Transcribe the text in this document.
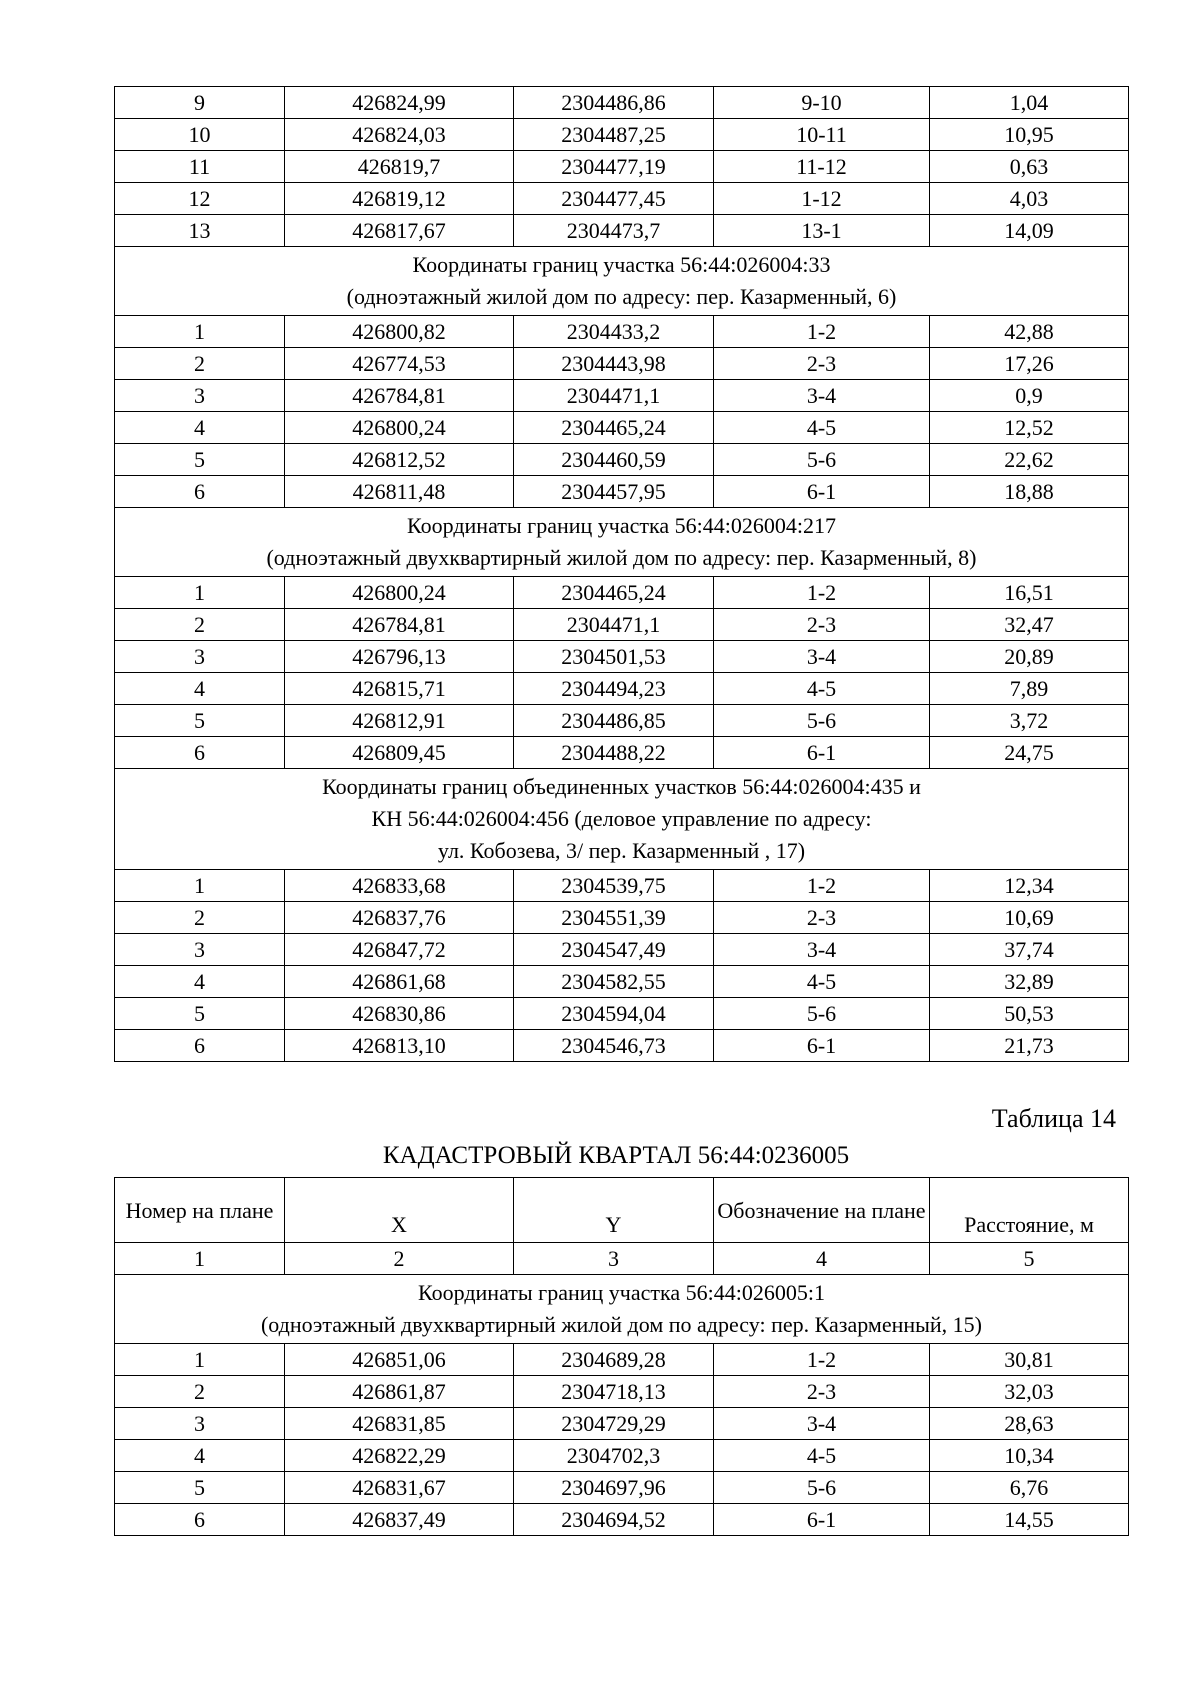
9	426824,99	2304486,86	9-10	1,04
10	426824,03	2304487,25	10-11	10,95
11	426819,7	2304477,19	11-12	0,63
12	426819,12	2304477,45	1-12	4,03
13	426817,67	2304473,7	13-1	14,09

Координаты границ участка 56:44:026004:33
(одноэтажный жилой дом по адресу: пер. Казарменный, 6)				

1	426800,82	2304433,2	1-2	42,88
2	426774,53	2304443,98	2-3	17,26
3	426784,81	2304471,1	3-4	0,9
4	426800,24	2304465,24	4-5	12,52
5	426812,52	2304460,59	5-6	22,62
6	426811,48	2304457,95	6-1	18,88

Координаты границ участка 56:44:026004:217
(одноэтажный двухквартирный жилой дом по адресу: пер. Казарменный, 8)				

1	426800,24	2304465,24	1-2	16,51
2	426784,81	2304471,1	2-3	32,47
3	426796,13	2304501,53	3-4	20,89
4	426815,71	2304494,23	4-5	7,89
5	426812,91	2304486,85	5-6	3,72
6	426809,45	2304488,22	6-1	24,75

Координаты границ объединенных участков 56:44:026004:435 и
КН 56:44:026004:456 (деловое управление по адресу:
ул. Кобозева, 3/ пер. Казарменный , 17)				

1	426833,68	2304539,75	1-2	12,34
2	426837,76	2304551,39	2-3	10,69
3	426847,72	2304547,49	3-4	37,74
4	426861,68	2304582,55	4-5	32,89
5	426830,86	2304594,04	5-6	50,53
6	426813,10	2304546,73	6-1	21,73
Таблица 14
КАДАСТРОВЫЙ КВАРТАЛ 56:44:0236005
Номер на плане	X	Y	Обозначение на плане	Расстояние, м
1	2	3	4	5

Координаты границ участка 56:44:026005:1
(одноэтажный двухквартирный жилой дом по адресу: пер. Казарменный, 15)				

1	426851,06	2304689,28	1-2	30,81
2	426861,87	2304718,13	2-3	32,03
3	426831,85	2304729,29	3-4	28,63
4	426822,29	2304702,3	4-5	10,34
5	426831,67	2304697,96	5-6	6,76
6	426837,49	2304694,52	6-1	14,55
